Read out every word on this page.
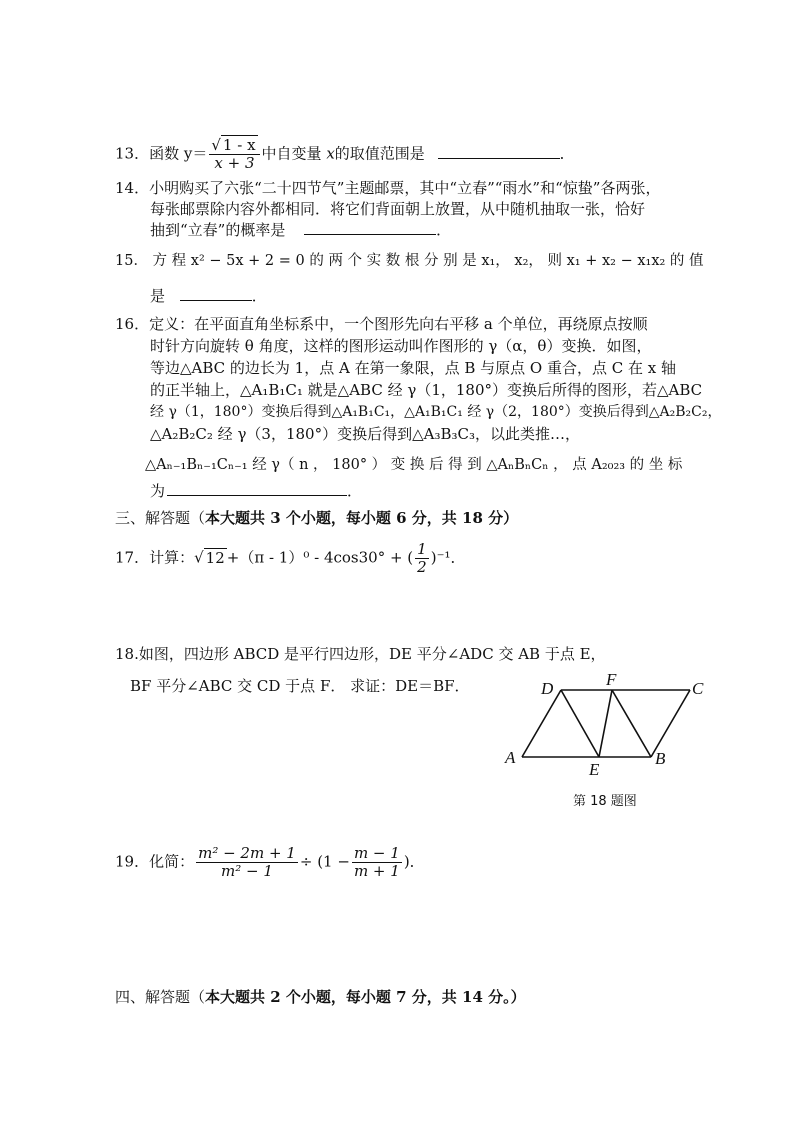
13．函数 $y= \frac{√ 1 - x}{x + 3}$ 中自变量 x的取值范围是	．
14．小明购买了六张“二十四节气”主题邮票，其中“立春”“雨水”和“惊蛰”各两张，
每张邮票除内容外都相同．将它们背面朝上放置，从中随机抽取一张，恰好
抽到“立春”的概率是	．
15． 方 程 x² − 5x + 2 = 0 的 两 个 实 数 根 分 别 是 x₁， x₂， 则 x₁ + x₂ − x₁x₂ 的 值
是	．
16．定义：在平面直角坐标系中，一个图形先向右平移 a 个单位，再绕原点按顺
时针方向旋转 θ 角度，这样的图形运动叫作图形的 γ（α，θ）变换．如图，
等边△ABC 的边长为 1，点 A 在第一象限，点 B 与原点 O 重合，点 C 在 x 轴
的正半轴上，△A₁B₁C₁ 就是△ABC 经 γ（1，180°）变换后所得的图形，若△ABC
经 γ（1，180°）变换后得到△A₁B₁C₁，△A₁B₁C₁ 经 γ（2，180°）变换后得到△A₂B₂C₂，
△A₂B₂C₂ 经 γ（3，180°）变换后得到△A₃B₃C₃，以此类推…，
△Aₙ₋₁Bₙ₋₁Cₙ₋₁ 经 γ（ n ， 180° ） 变 换 后 得 到 △AₙBₙCₙ ， 点 A₂₀₂₃ 的 坐 标
为	．
三、解答题（本大题共 3 个小题，每小题 6 分，共 18 分）
17．计算：√ 12 +（π - 1）⁰ - 4cos30° + ( $\frac{1}{2} )^{-1}$．
18.如图，四边形 ABCD 是平行四边形，DE 平分∠ADC 交 AB 于点 E，
BF 平分∠ABC 交 CD 于点 F． 求证：DE＝BF．
A	B
C
D
E
F
第 18 题图
19．化简： $\frac{\text{m² − 2m + 1}}{\text{m² − 1}} \div (1 - \frac{m - 1}{m + 1}$ )．
四、解答题（本大题共 2 个小题，每小题 7 分，共 14 分。）
